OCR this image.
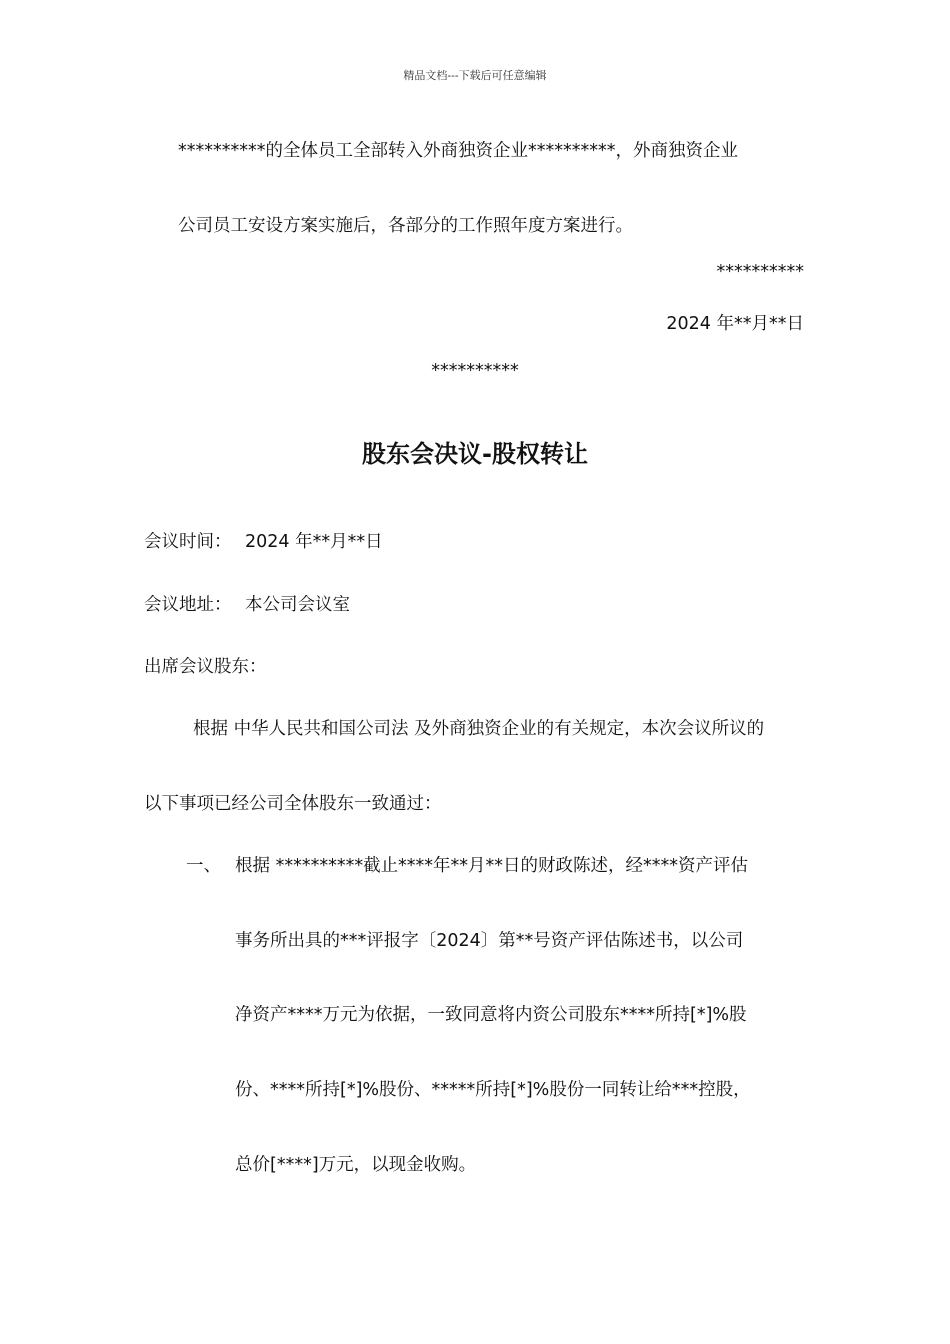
精品文档---下载后可任意编辑
**********的全体员工全部转入外商独资企业**********，外商独资企业
公司员工安设方案实施后，各部分的工作照年度方案进行。
**********
2024 年**月**日
**********
股东会决议-股权转让
会议时间： 2024 年**月**日
会议地址： 本公司会议室
出席会议股东：
根据 中华人民共和国公司法 及外商独资企业的有关规定，本次会议所议的
以下事项已经公司全体股东一致通过：
一、 根据 **********截止****年**月**日的财政陈述，经****资产评估
事务所出具的***评报字〔2024〕第**号资产评估陈述书，以公司
净资产****万元为依据，一致同意将内资公司股东****所持[*]%股
份、****所持[*]%股份、*****所持[*]%股份一同转让给***控股，
总价[****]万元，以现金收购。
